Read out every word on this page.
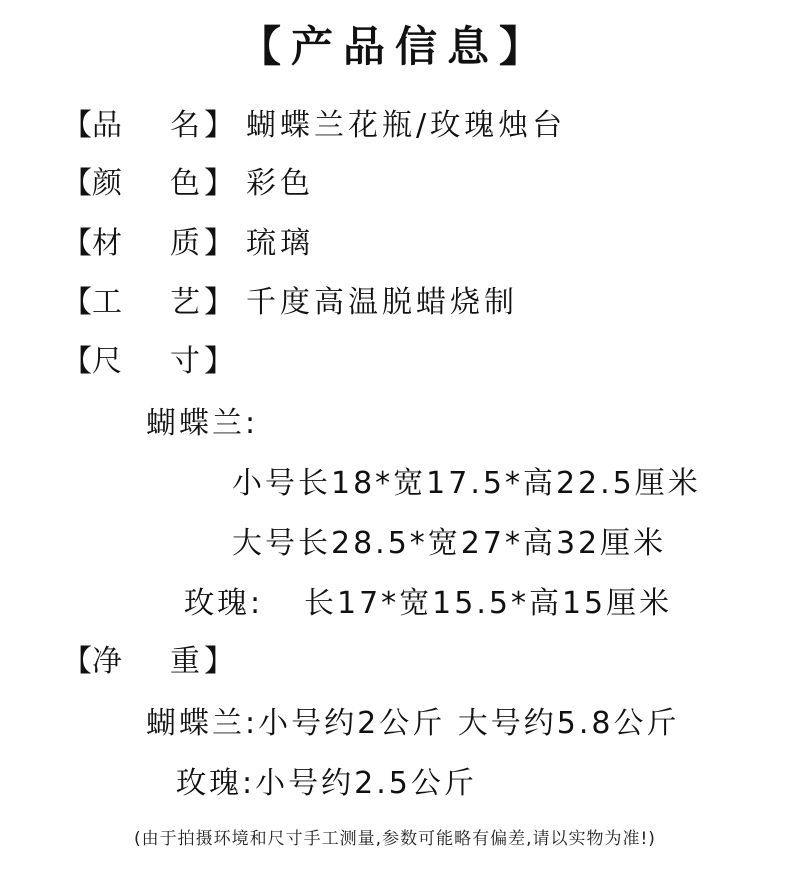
【产品信息】
【
品 名】 蝴蝶兰花瓶/玫瑰烛台
【
颜 色】 彩色
【
材 质】 琉璃
【
工 艺】 千度高温脱蜡烧制
【
尺 寸】
蝴蝶兰:
小号长18*宽17.5*高22.5厘米
大号长28.5*宽27*高32厘米
玫瑰: 长17*宽15.5*高15厘米
【
净 重】
蝴蝶兰:小号约2公斤 大号约5.8公斤
玫瑰:小号约2.5公斤
(由于拍摄环境和尺寸手工测量,参数可能略有偏差,请以实物为准!)
